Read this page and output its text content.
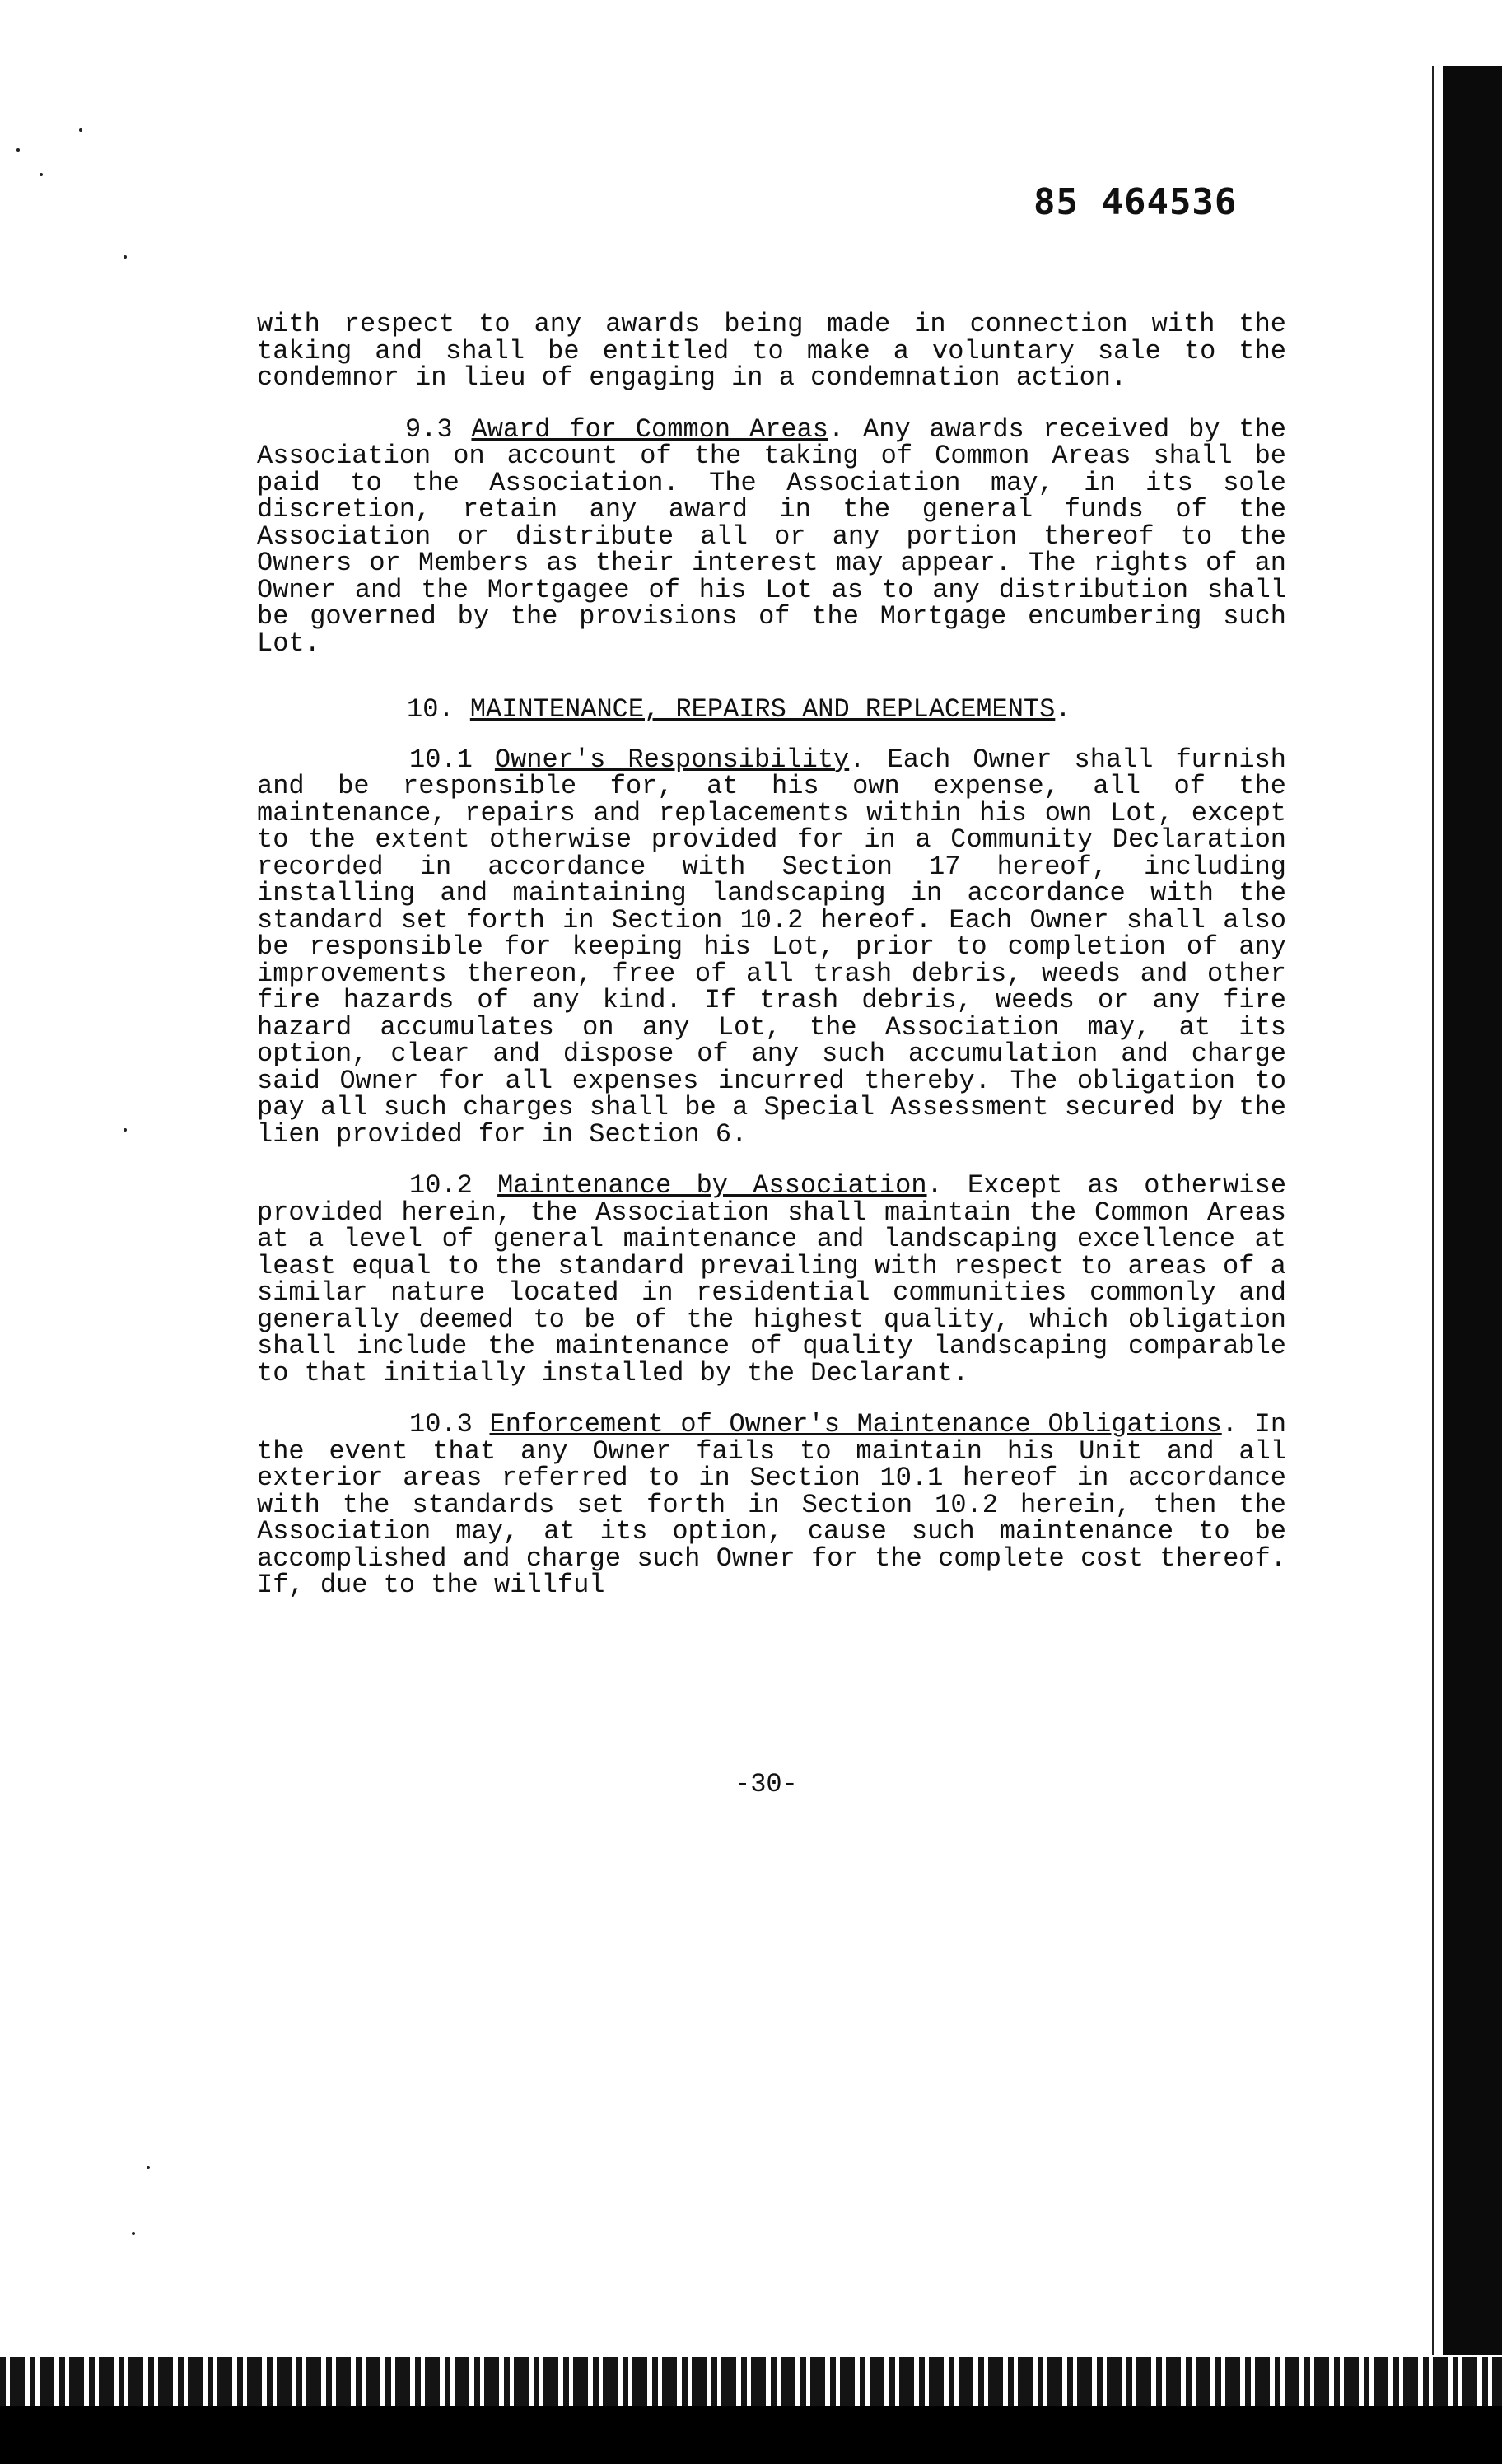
85 464536

with respect to any awards being made in connection with the taking and shall be entitled to make a voluntary sale to the condemnor in lieu of engaging in a condemnation action.

9.3 Award for Common Areas. Any awards received by the Association on account of the taking of Common Areas shall be paid to the Association. The Association may, in its sole discretion, retain any award in the general funds of the Association or distribute all or any portion thereof to the Owners or Members as their interest may appear. The rights of an Owner and the Mortgagee of his Lot as to any distribution shall be governed by the provisions of the Mortgage encumbering such Lot.

10. MAINTENANCE, REPAIRS AND REPLACEMENTS.

10.1 Owner's Responsibility. Each Owner shall furnish and be responsible for, at his own expense, all of the maintenance, repairs and replacements within his own Lot, except to the extent otherwise provided for in a Community Declaration recorded in accordance with Section 17 hereof, including installing and maintaining landscaping in accordance with the standard set forth in Section 10.2 hereof. Each Owner shall also be responsible for keeping his Lot, prior to completion of any improvements thereon, free of all trash debris, weeds and other fire hazards of any kind. If trash debris, weeds or any fire hazard accumulates on any Lot, the Association may, at its option, clear and dispose of any such accumulation and charge said Owner for all expenses incurred thereby. The obligation to pay all such charges shall be a Special Assessment secured by the lien provided for in Section 6.

10.2 Maintenance by Association. Except as otherwise provided herein, the Association shall maintain the Common Areas at a level of general maintenance and landscaping excellence at least equal to the standard prevailing with respect to areas of a similar nature located in residential communities commonly and generally deemed to be of the highest quality, which obligation shall include the maintenance of quality landscaping comparable to that initially installed by the Declarant.

10.3 Enforcement of Owner's Maintenance Obligations. In the event that any Owner fails to maintain his Unit and all exterior areas referred to in Section 10.1 hereof in accordance with the standards set forth in Section 10.2 herein, then the Association may, at its option, cause such maintenance to be accomplished and charge such Owner for the complete cost thereof. If, due to the willful

-30-
